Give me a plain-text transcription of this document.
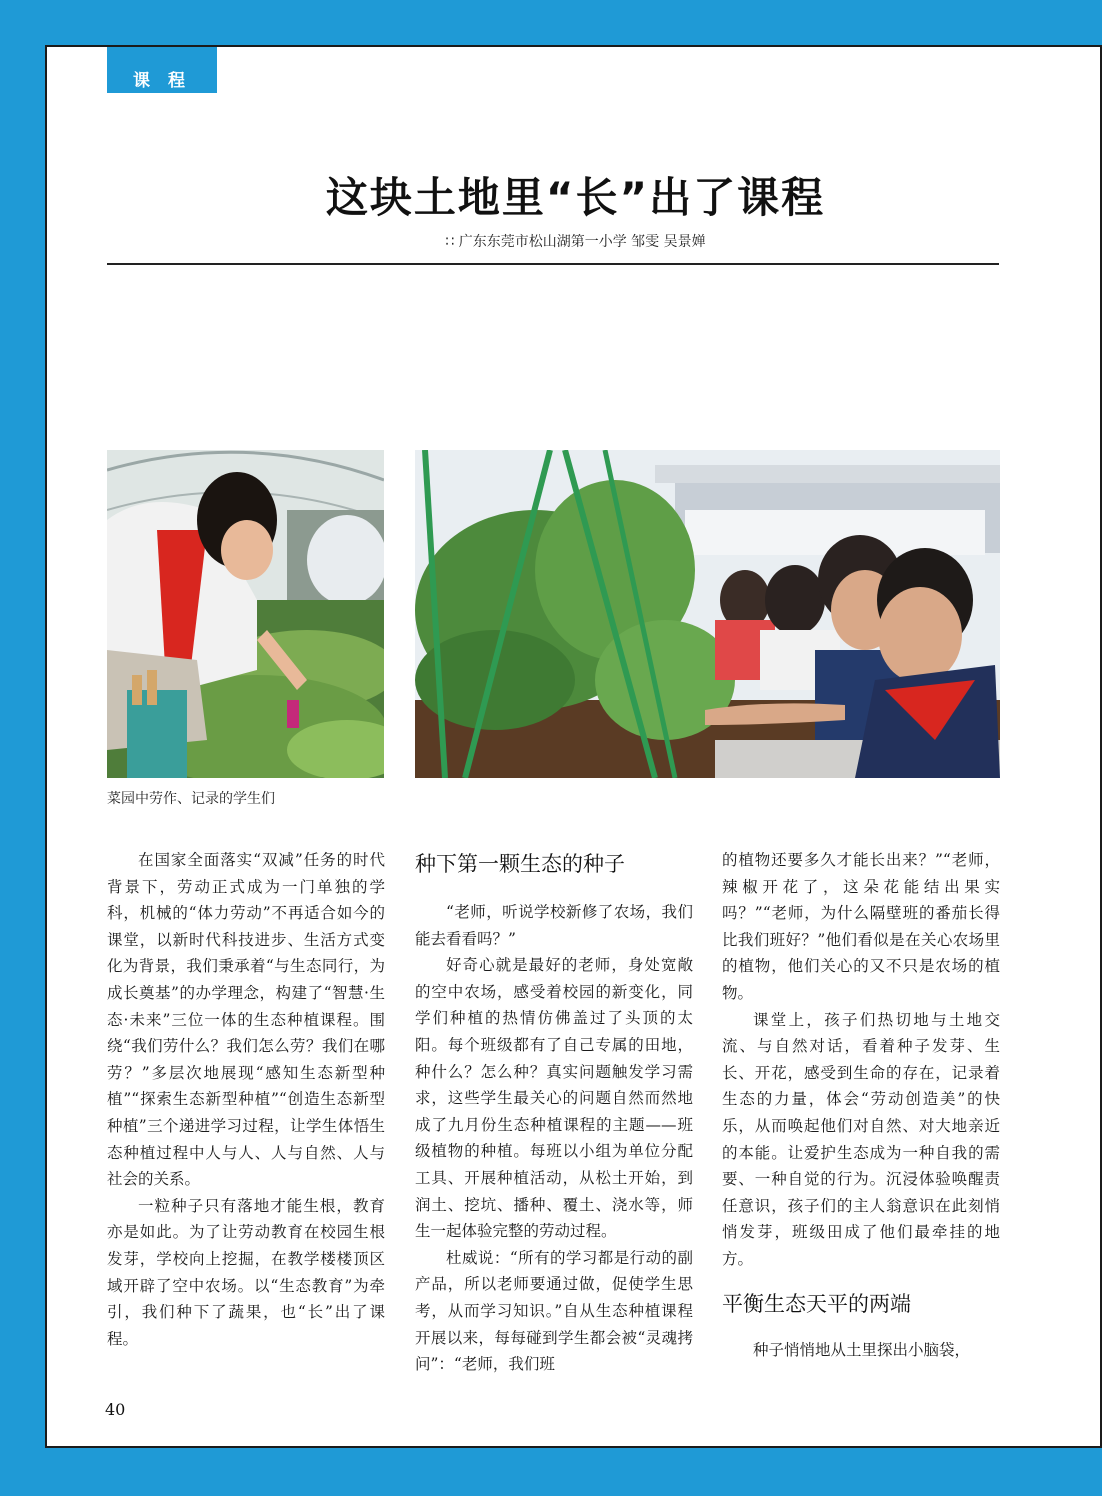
课 程
这块土地里“长”出了课程
∷ 广东东莞市松山湖第一小学 邹雯 吴景婵
菜园中劳作、记录的学生们

在国家全面落实“双减”任务的时代背景下，劳动正式成为一门单独的学科，机械的“体力劳动”不再适合如今的课堂，以新时代科技进步、生活方式变化为背景，我们秉承着“与生态同行，为成长奠基”的办学理念，构建了“智慧·生态·未来”三位一体的生态种植课程。围绕“我们劳什么？我们怎么劳？我们在哪劳？”多层次地展现“感知生态新型种植”“探索生态新型种植”“创造生态新型种植”三个递进学习过程，让学生体悟生态种植过程中人与人、人与自然、人与社会的关系。

一粒种子只有落地才能生根，教育亦是如此。为了让劳动教育在校园生根发芽，学校向上挖掘，在教学楼楼顶区域开辟了空中农场。以“生态教育”为牵引，我们种下了蔬果，也“长”出了课程。

种下第一颗生态的种子

“老师，听说学校新修了农场，我们能去看看吗？”

好奇心就是最好的老师，身处宽敞的空中农场，感受着校园的新变化，同学们种植的热情仿佛盖过了头顶的太阳。每个班级都有了自己专属的田地，种什么？怎么种？真实问题触发学习需求，这些学生最关心的问题自然而然地成了九月份生态种植课程的主题——班级植物的种植。每班以小组为单位分配工具、开展种植活动，从松土开始，到润土、挖坑、播种、覆土、浇水等，师生一起体验完整的劳动过程。

杜威说：“所有的学习都是行动的副产品，所以老师要通过做，促使学生思考，从而学习知识。”自从生态种植课程开展以来，每每碰到学生都会被“灵魂拷问”：“老师，我们班

的植物还要多久才能长出来？”“老师，辣椒开花了，这朵花能结出果实吗？”“老师，为什么隔壁班的番茄长得比我们班好？”他们看似是在关心农场里的植物，他们关心的又不只是农场的植物。

课堂上，孩子们热切地与土地交流、与自然对话，看着种子发芽、生长、开花，感受到生命的存在，记录着生态的力量，体会“劳动创造美”的快乐，从而唤起他们对自然、对大地亲近的本能。让爱护生态成为一种自我的需要、一种自觉的行为。沉浸体验唤醒责任意识，孩子们的主人翁意识在此刻悄悄发芽，班级田成了他们最牵挂的地方。

平衡生态天平的两端

种子悄悄地从土里探出小脑袋，

40
